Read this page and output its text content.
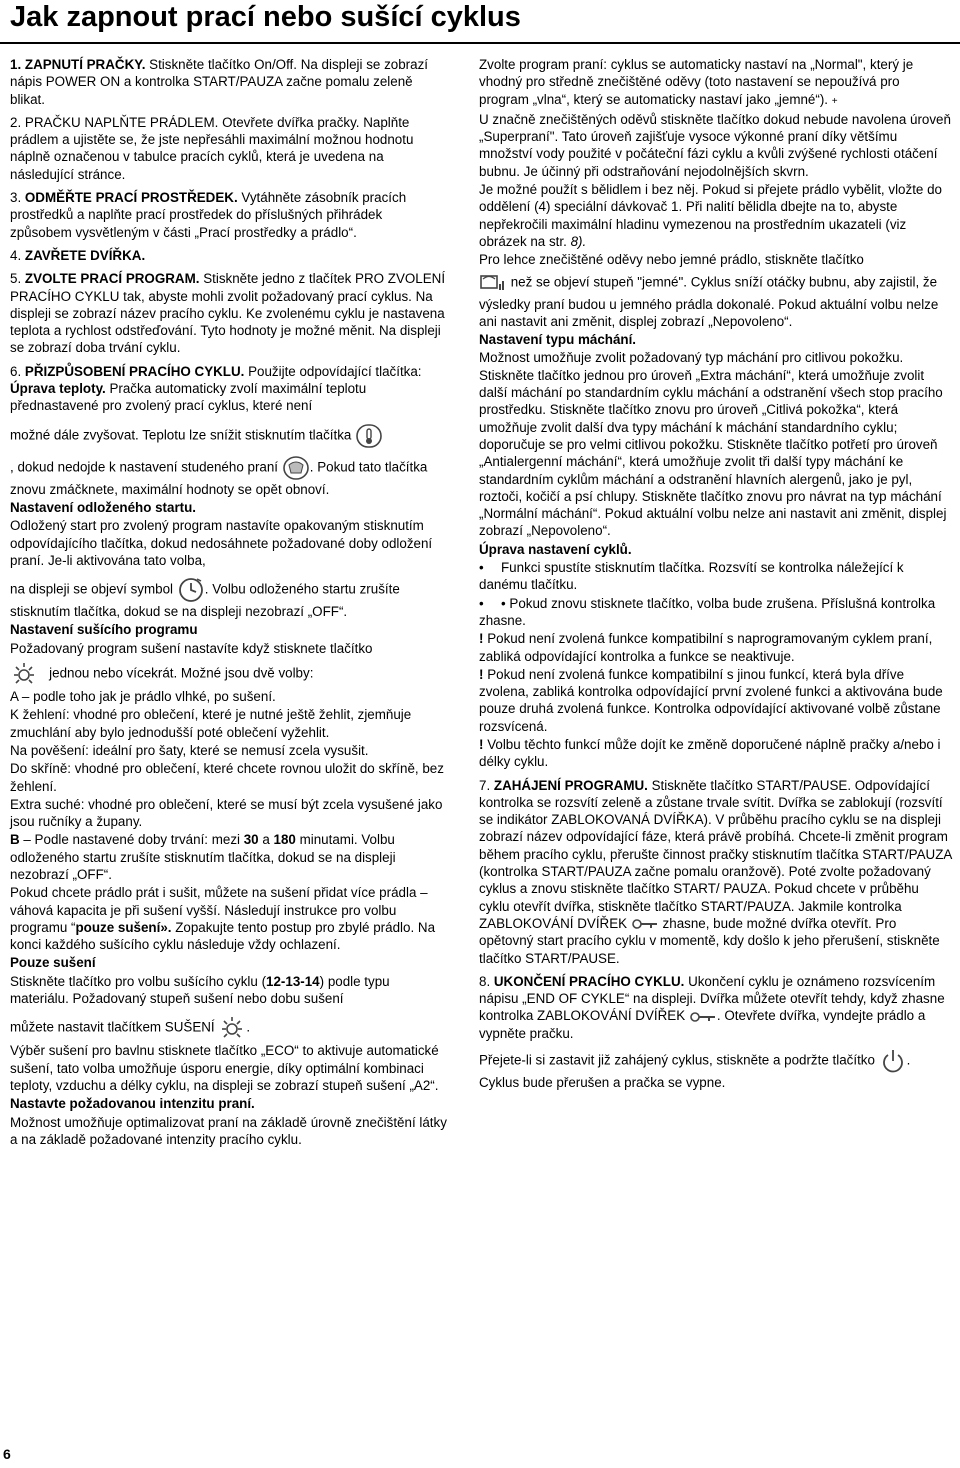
Jak zapnout prací nebo sušící cyklus

1. ZAPNUTÍ PRAČKY. Stiskněte tlačítko On/Off. Na displeji se zobrazí nápis POWER ON a kontrolka START/PAUZA začne pomalu zeleně blikat.

2. PRAČKU NAPLŇTE PRÁDLEM. Otevřete dvířka pračky. Naplňte prádlem a ujistěte se, že jste nepřesáhli maximální možnou hodnotu náplně označenou v tabulce pracích cyklů, která je uvedena na následující stránce.

3. ODMĚŘTE PRACÍ PROSTŘEDEK. Vytáhněte zásobník pracích prostředků a naplňte prací prostředek do příslušných přihrádek způsobem vysvětleným v části „Prací prostředky a prádlo“.

4. ZAVŘETE DVÍŘKA.

5. ZVOLTE PRACÍ PROGRAM. Stiskněte jedno z tlačítek PRO ZVOLENÍ PRACÍHO CYKLU tak, abyste mohli zvolit požadovaný prací cyklus. Na displeji se zobrazí název pracího cyklu. Ke zvolenému cyklu je nastavena teplota a rychlost odstřeďování. Tyto hodnoty je možné měnit. Na displeji se zobrazí doba trvání cyklu.

6. PŘIZPŮSOBENÍ PRACÍHO CYKLU. Použijte odpovídající tlačítka: Úprava teploty. Pračka automaticky zvolí maximální teplotu přednastavené pro zvolený prací cyklus, které není

možné dále zvyšovat. Teplotu lze snížit stisknutím tlačítka

, dokud nedojde k nastavení studeného praní . Pokud tato tlačítka znovu zmáčknete, maximální hodnoty se opět obnoví.

Nastavení odloženého startu.

Odložený start pro zvolený program nastavíte opakovaným stisknutím odpovídajícího tlačítka, dokud nedosáhnete požadované doby odložení praní. Je-li aktivována tato volba,

na displeji se objeví symbol . Volbu odloženého startu zrušíte stisknutím tlačítka, dokud se na displeji nezobrazí „OFF“.

Nastavení sušícího programu

Požadovaný program sušení nastavíte když stisknete tlačítko

jednou nebo vícekrát. Možné jsou dvě volby:

A – podle toho jak je prádlo vlhké, po sušení.

K žehlení: vhodné pro oblečení, které je nutné ještě žehlit, zjemňuje zmuchlání aby bylo jednodušší poté oblečení vyžehlit.

Na pověšení: ideální pro šaty, které se nemusí zcela vysušit.

Do skříně: vhodné pro oblečení, které chcete rovnou uložit do skříně, bez žehlení.

Extra suché: vhodné pro oblečení, které se musí být zcela vysušené jako jsou ručníky a župany.

B – Podle nastavené doby trvání: mezi 30 a 180 minutami. Volbu odloženého startu zrušíte stisknutím tlačítka, dokud se na displeji nezobrazí „OFF“.

Pokud chcete prádlo prát i sušit, můžete na sušení přidat více prádla – váhová kapacita je při sušení vyšší. Následují instrukce pro volbu programu “pouze sušení». Zopakujte tento postup pro zbylé prádlo. Na konci každého sušícího cyklu následuje vždy ochlazení.

Pouze sušení

Stiskněte tlačítko pro volbu sušícího cyklu (12-13-14) podle typu materiálu. Požadovaný stupeň sušení nebo dobu sušení

můžete nastavit tlačítkem SUŠENÍ .

Výběr sušení pro bavlnu stisknete tlačítko „ECO“ to aktivuje automatické sušení, tato volba umožňuje úsporu energie, díky optimální kombinaci teploty, vzduchu a délky cyklu, na displeji se zobrazí stupeň sušení „A2“.

Nastavte požadovanou intenzitu praní.

Možnost umožňuje optimalizovat praní na základě úrovně znečištění látky a na základě požadované intenzity pracího cyklu.

Zvolte program praní: cyklus se automaticky nastaví na „Normal", který je vhodný pro středně znečištěné oděvy (toto nastavení se nepoužívá pro program „vlna“, který se automaticky nastaví jako „jemné“). +

U značně znečištěných oděvů stiskněte tlačítko dokud nebude navolena úroveň „Superpraní". Tato úroveň zajišťuje vysoce výkonné praní díky většímu množství vody použité v počáteční fázi cyklu a kvůli zvýšené rychlosti otáčení bubnu. Je účinný při odstraňování nejodolnějších skvrn.

Je možné použít s bělidlem i bez něj. Pokud si přejete prádlo vybělit, vložte do oddělení (4) speciální dávkovač 1. Při nalití bělidla dbejte na to, abyste nepřekročili maximální hladinu vymezenou na prostředním ukazateli (viz obrázek na str. 8).

Pro lehce znečištěné oděvy nebo jemné prádlo, stiskněte tlačítko

než se objeví stupeň "jemné". Cyklus sníží otáčky bubnu, aby zajistil, že výsledky praní budou u jemného prádla dokonalé. Pokud aktuální volbu nelze ani nastavit ani změnit, displej zobrazí „Nepovoleno“.

Nastavení typu máchání.

Možnost umožňuje zvolit požadovaný typ máchání pro citlivou pokožku. Stiskněte tlačítko jednou pro úroveň „Extra máchání“, která umožňuje zvolit další máchání po standardním cyklu máchání a odstranění všech stop pracího prostředku. Stiskněte tlačítko znovu pro úroveň „Citlivá pokožka“, která umožňuje zvolit další dva typy máchání k máchání standardního cyklu; doporučuje se pro velmi citlivou pokožku. Stiskněte tlačítko potřetí pro úroveň „Antialergenní máchání“, která umožňuje zvolit tři další typy máchání ke standardním cyklům máchání a odstranění hlavních alergenů, jako je pyl, roztoči, kočičí a psí chlupy. Stiskněte tlačítko znovu pro návrat na typ máchání „Normální máchání“. Pokud aktuální volbu nelze ani nastavit ani změnit, displej zobrazí „Nepovoleno“.

Úprava nastavení cyklů.

• Funkci spustíte stisknutím tlačítka. Rozsvítí se kontrolka náležející k danému tlačítku.

• • Pokud znovu stisknete tlačítko, volba bude zrušena. Příslušná kontrolka zhasne.

! Pokud není zvolená funkce kompatibilní s naprogramovaným cyklem praní, zabliká odpovídající kontrolka a funkce se neaktivuje.

! Pokud není zvolená funkce kompatibilní s jinou funkcí, která byla dříve zvolena, zabliká kontrolka odpovídající první zvolené funkci a aktivována bude pouze druhá zvolená funkce. Kontrolka odpovídající aktivované volbě zůstane rozsvícená.

! Volbu těchto funkcí může dojít ke změně doporučené náplně pračky a/nebo i délky cyklu.

7. ZAHÁJENÍ PROGRAMU. Stiskněte tlačítko START/PAUSE. Odpovídající kontrolka se rozsvítí zeleně a zůstane trvale svítit. Dvířka se zablokují (rozsvítí se indikátor ZABLOKOVANÁ DVÍŘKA). V průběhu pracího cyklu se na displeji zobrazí název odpovídající fáze, která právě probíhá. Chcete-li změnit program během pracího cyklu, přerušte činnost pračky stisknutím tlačítka START/PAUZA (kontrolka START/PAUZA začne pomalu oranžově). Poté zvolte požadovaný cyklus a znovu stiskněte tlačítko START/ PAUZA. Pokud chcete v průběhu cyklu otevřít dvířka, stiskněte tlačítko START/PAUZA. Jakmile kontrolka ZABLOKOVÁNÍ DVÍŘEK  zhasne, bude možné dvířka otevřít. Pro opětovný start pracího cyklu v momentě, kdy došlo k jeho přerušení, stiskněte tlačítko START/PAUSE.

8. UKONČENÍ PRACÍHO CYKLU. Ukončení cyklu je oznámeno rozsvícením nápisu „END OF CYKLE“ na displeji. Dvířka můžete otevřít tehdy, když zhasne kontrolka ZABLOKOVÁNÍ DVÍŘEK . Otevřete dvířka, vyndejte prádlo a vypněte pračku.

Přejete-li si zastavit již zahájený cyklus, stiskněte a podržte tlačítko . Cyklus bude přerušen a pračka se vypne.

6
